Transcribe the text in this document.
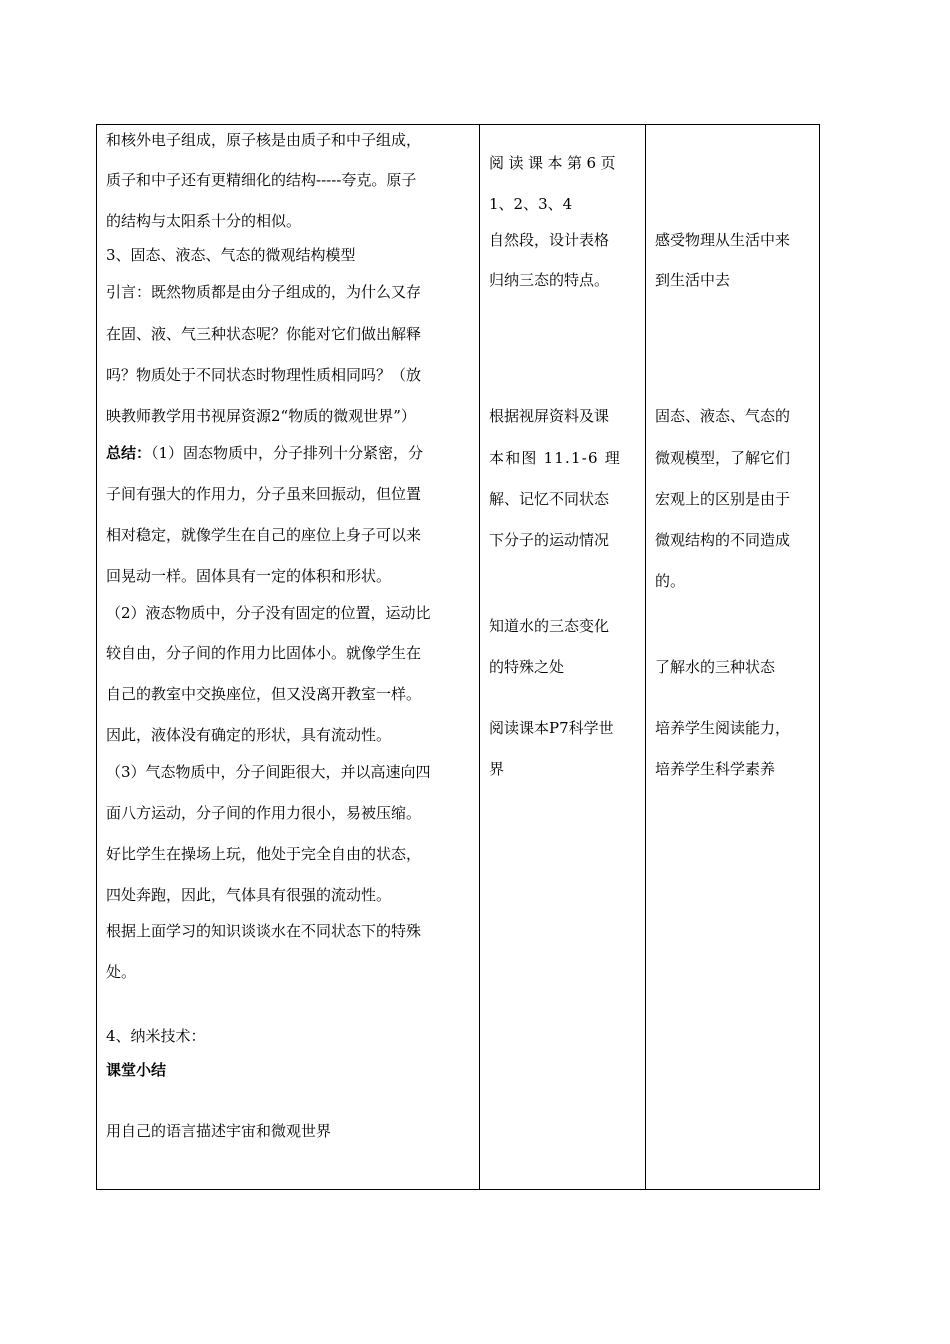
和核外电子组成，原子核是由质子和中子组成，
质子和中子还有更精细化的结构-----夸克。原子
的结构与太阳系十分的相似。
3、固态、液态、气态的微观结构模型
引言：既然物质都是由分子组成的，为什么又存
在固、液、气三种状态呢？你能对它们做出解释
吗？物质处于不同状态时物理性质相同吗？（放
映教师教学用书视屏资源2“物质的微观世界”）
总结：（1）固态物质中，分子排列十分紧密，分
子间有强大的作用力，分子虽来回振动，但位置
相对稳定，就像学生在自己的座位上身子可以来
回晃动一样。固体具有一定的体积和形状。
（2）液态物质中，分子没有固定的位置，运动比
较自由，分子间的作用力比固体小。就像学生在
自己的教室中交换座位，但又没离开教室一样。
因此，液体没有确定的形状，具有流动性。
（3）气态物质中，分子间距很大，并以高速向四
面八方运动，分子间的作用力很小，易被压缩。
好比学生在操场上玩，他处于完全自由的状态，
四处奔跑，因此，气体具有很强的流动性。
根据上面学习的知识谈谈水在不同状态下的特殊
处。
4、纳米技术：
课堂小结
用自己的语言描述宇宙和微观世界
阅读课本第6页
1、2、3、4
自然段，设计表格
归纳三态的特点。
根据视屏资料及课
本和图 11.1-6 理
解、记忆不同状态
下分子的运动情况
知道水的三态变化
的特殊之处
阅读课本P7科学世
界
感受物理从生活中来
到生活中去
固态、液态、气态的
微观模型，了解它们
宏观上的区别是由于
微观结构的不同造成
的。
了解水的三种状态
培养学生阅读能力，
培养学生科学素养
